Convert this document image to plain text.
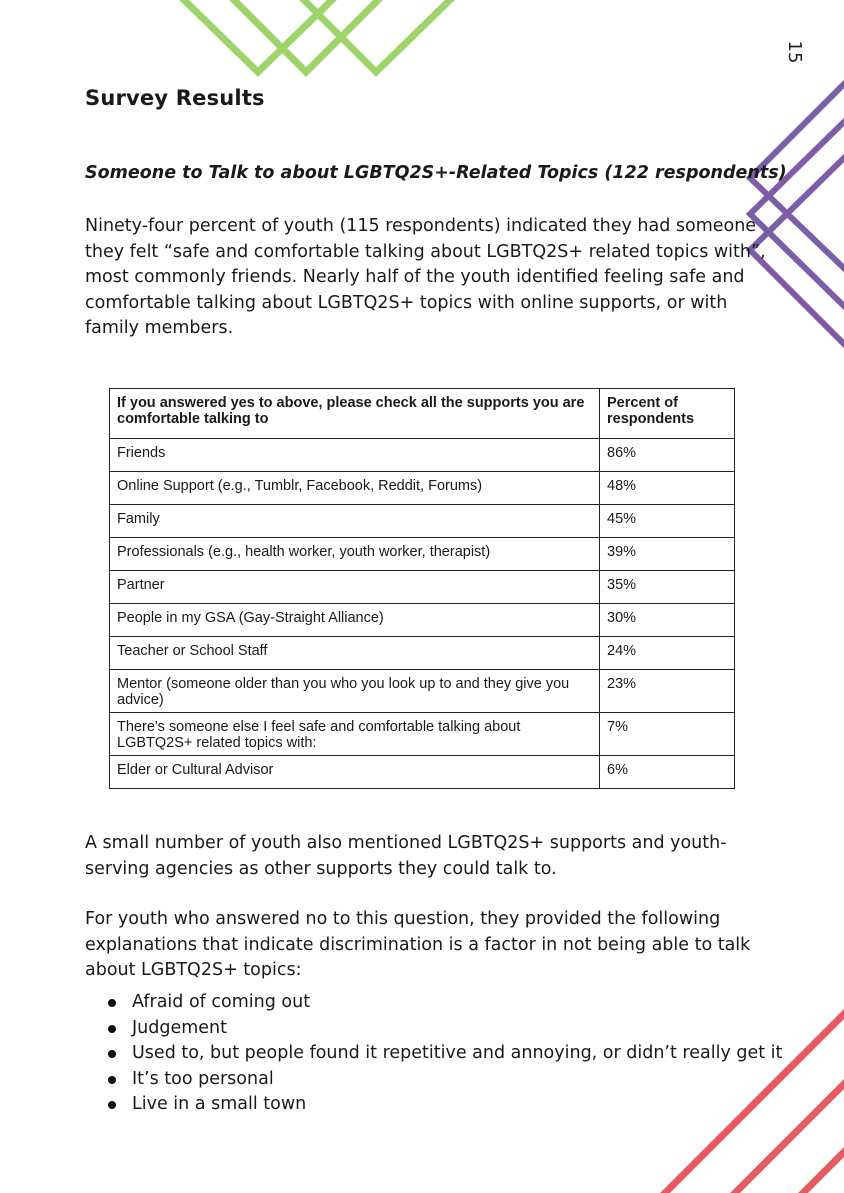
15
Survey Results
Someone to Talk to about LGBTQ2S+-Related Topics (122 respondents)

Ninety-four percent of youth (115 respondents) indicated they had someone they felt “safe and comfortable talking about LGBTQ2S+ related topics with”, most commonly friends. Nearly half of the youth identified feeling safe and comfortable talking about LGBTQ2S+ topics with online supports, or with family members.

If you answered yes to above, please check all the supports you are comfortable talking to	Percent of respondents
Friends	86%
Online Support (e.g., Tumblr, Facebook, Reddit, Forums)	48%
Family	45%
Professionals (e.g., health worker, youth worker, therapist)	39%
Partner	35%
People in my GSA (Gay-Straight Alliance)	30%
Teacher or School Staff	24%
Mentor (someone older than you who you look up to and they give you advice)	23%
There's someone else I feel safe and comfortable talking about LGBTQ2S+ related topics with:	7%
Elder or Cultural Advisor	6%

A small number of youth also mentioned LGBTQ2S+ supports and youth-serving agencies as other supports they could talk to.

For youth who answered no to this question, they provided the following explanations that indicate discrimination is a factor in not being able to talk about LGBTQ2S+ topics:

Afraid of coming out
Judgement
Used to, but people found it repetitive and annoying, or didn’t really get it
It’s too personal
Live in a small town
